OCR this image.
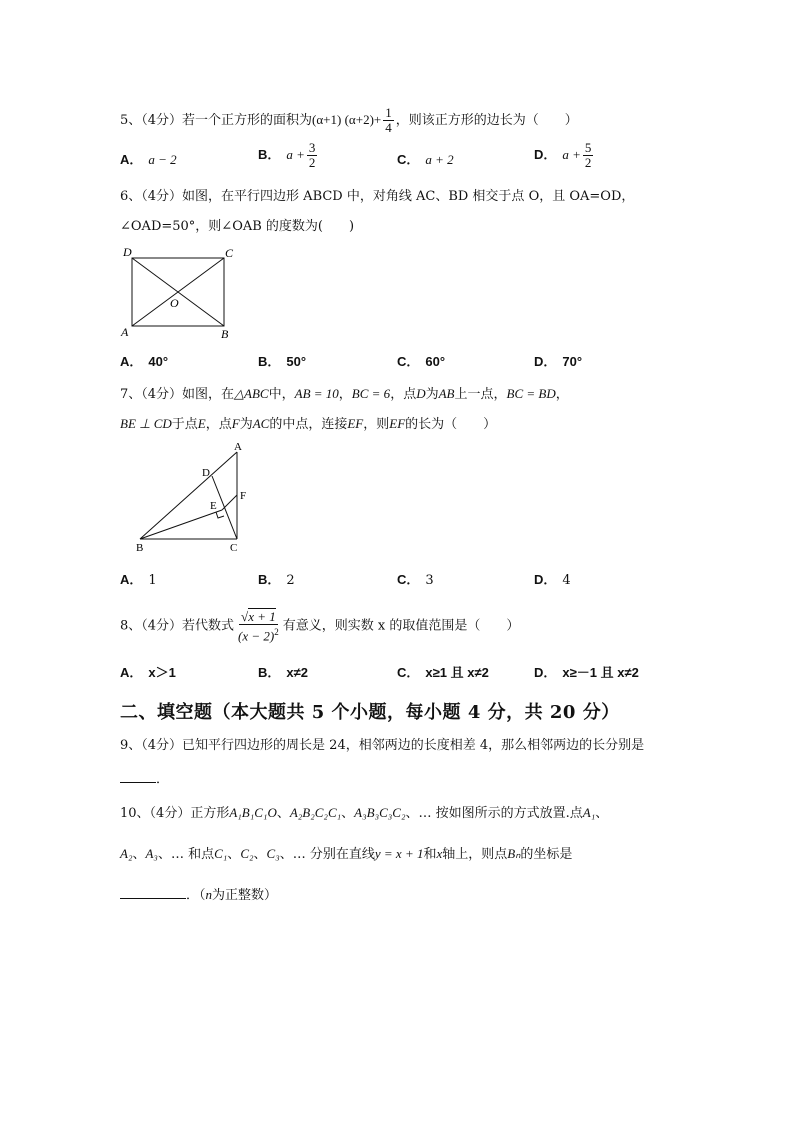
5、（4分）若一个正方形的面积为(α+1) $(\alpha+2)+ \frac{1}{4}$ ，则该正方形的边长为（　　）
A． a − 2	B． $a + \frac{3}{2}$	C． a + 2	D． $a + \frac{5}{2}$
6、（4分）如图，在平行四边形 ABCD 中，对角线 AC、BD 相交于点 O，且 OA=OD，
∠OAD=50°，则∠OAB 的度数为(　　)
D	C
A	B
O
A． 40°	B． 50°	C． 60°	D． 70°
7、（4分）如图，在△ABC中，AB = 10，BC = 6，点D为AB上一点，BC = BD，
BE ⊥ CD于点E，点F为AC的中点，连接EF，则EF的长为（　　）
A
D
F
E
B	C
A． 1	B． 2	C． 3	D． 4
8、（4分）若代数式 $\frac{√x + 1}{(x - 2)^2}$ 有意义，则实数 x 的取值范围是（　　）
A． x＞1	B． x≠2	C． x≥1 且 x≠2	D． x≥－1 且 x≠2
二、填空题（本大题共 5 个小题，每小题 4 分，共 20 分）
9、（4分）已知平行四边形的周长是 24，相邻两边的长度相差 4，那么相邻两边的长分别是
．
10、（4分）正方形A₁B₁C₁O、A₂B₂C₂C₁、A₃B₃C₃C₂、… 按如图所示的方式放置.点A₁、
A₂、A₃、… 和点C₁、C₂、C₃、… 分别在直线y = x + 1和x轴上，则点Bₙ的坐标是
．（n为正整数）
